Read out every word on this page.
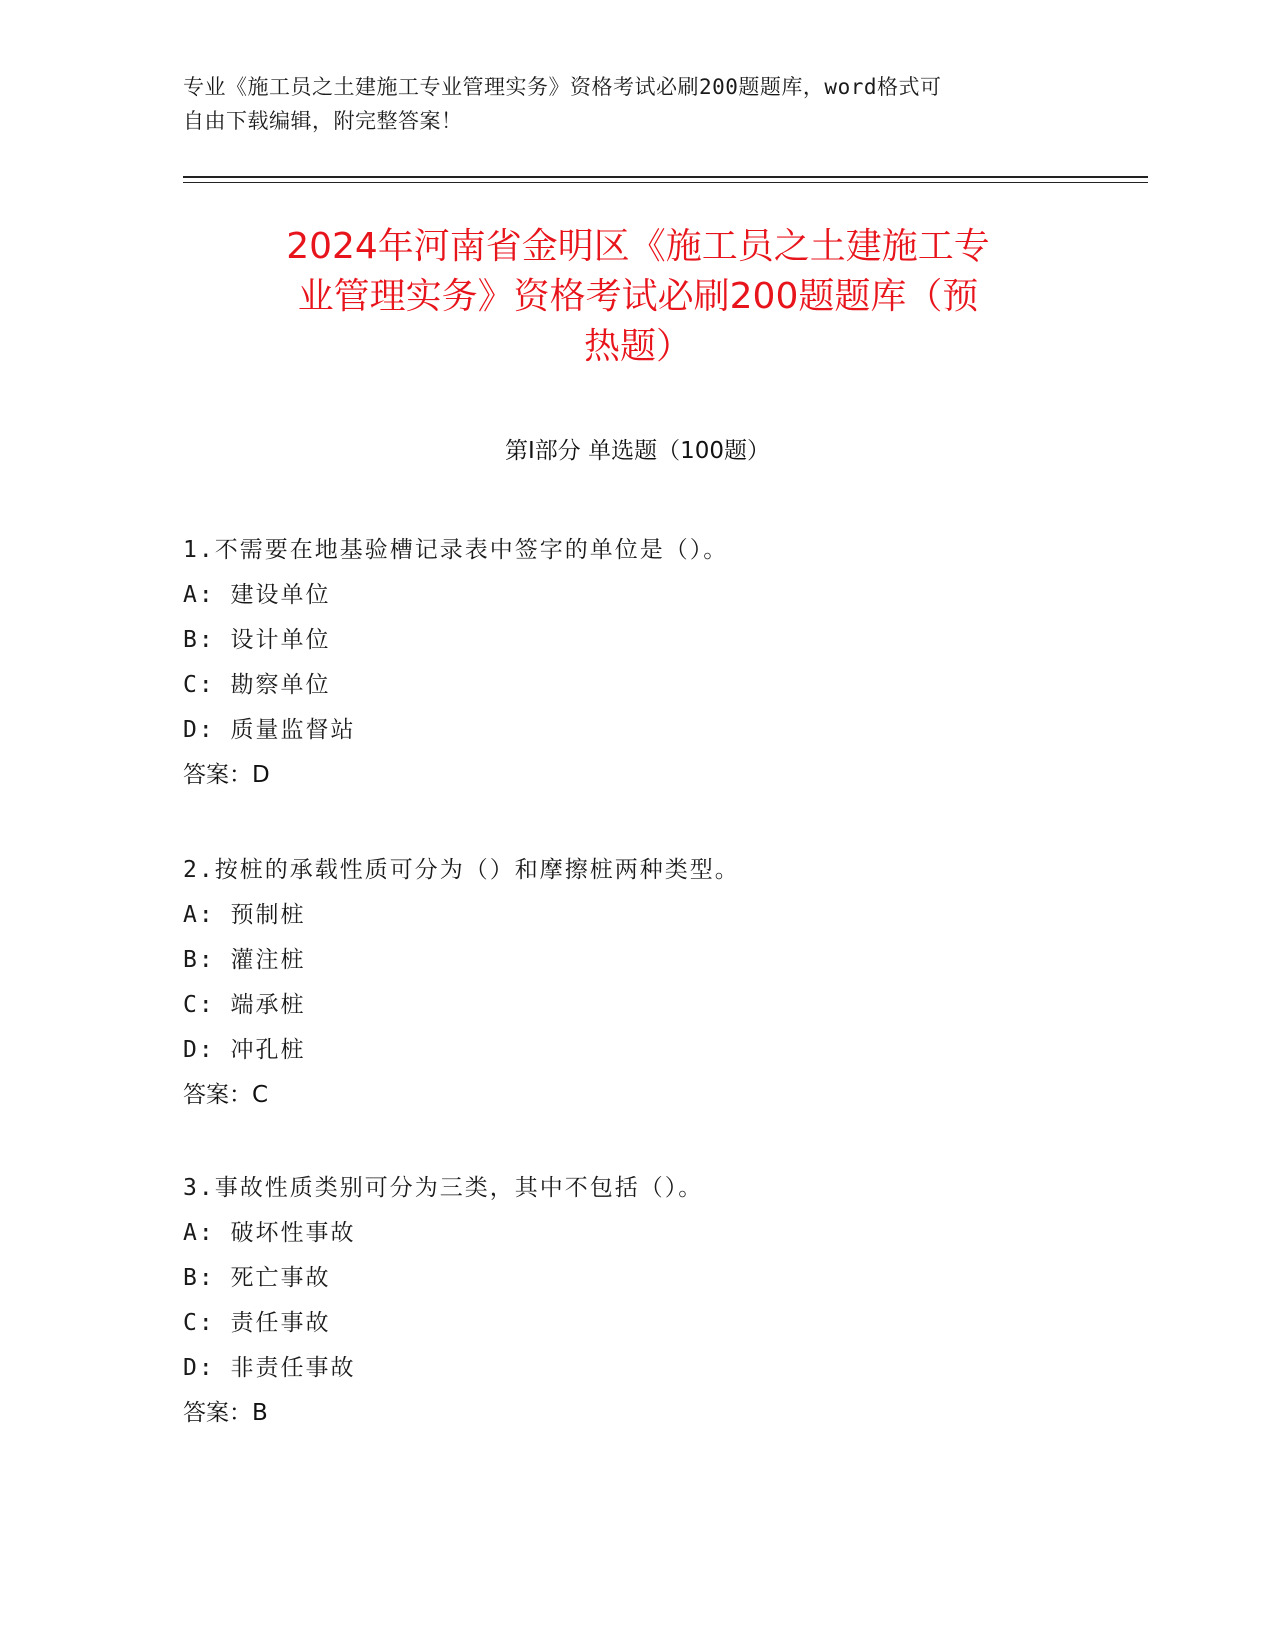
专业《施工员之土建施工专业管理实务》资格考试必刷200题题库，word格式可
自由下载编辑，附完整答案！
2024年河南省金明区《施工员之土建施工专
业管理实务》资格考试必刷200题题库（预
热题）
第I部分 单选题（100题）
1.不需要在地基验槽记录表中签字的单位是（）。
A: 建设单位
B: 设计单位
C: 勘察单位
D: 质量监督站
答案：D
2.按桩的承载性质可分为（）和摩擦桩两种类型。
A: 预制桩
B: 灌注桩
C: 端承桩
D: 冲孔桩
答案：C
3.事故性质类别可分为三类，其中不包括（）。
A: 破坏性事故
B: 死亡事故
C: 责任事故
D: 非责任事故
答案：B
